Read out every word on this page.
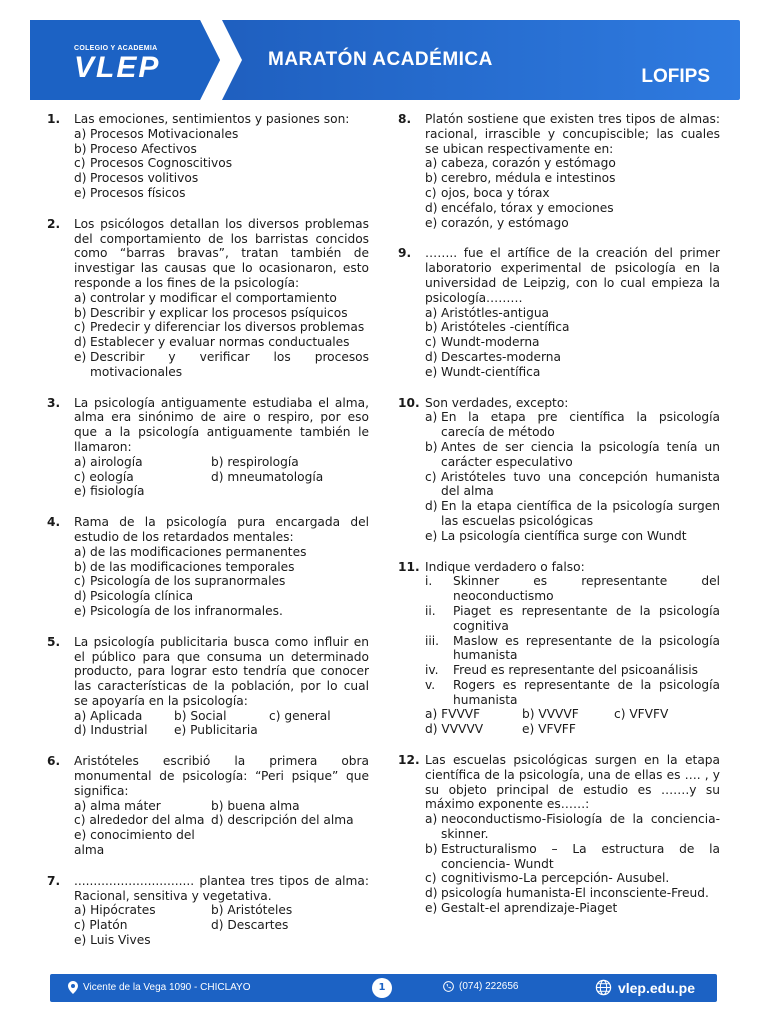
COLEGIO Y ACADEMIA
VLEP	MARATÓN ACADÉMICA
LOFIPS
1.	Las emociones, sentimientos y pasiones son:
a) Procesos Motivacionales
b) Proceso Afectivos
c) Procesos Cognoscitivos
d) Procesos volitivos
e) Procesos físicos
2.	Los psicólogos detallan los diversos problemas del comportamiento de los barristas concidos como “barras bravas”, tratan también de investigar las causas que lo ocasionaron, esto responde a los fines de la psicología:
a) controlar y modificar el comportamiento
b) Describir y explicar los procesos psíquicos
c) Predecir y diferenciar los diversos problemas
d) Establecer y evaluar normas conductuales
e) Describir y verificar los procesos motivacionales
3.	La psicología antiguamente estudiaba el alma, alma era sinónimo de aire o respiro, por eso que a la psicología antiguamente también le llamaron:
a) airología	b) respirología
c) eología	d) mneumatología
e) fisiología
4.	Rama de la psicología pura encargada del estudio de los retardados mentales:
a) de las modificaciones permanentes
b) de las modificaciones temporales
c) Psicología de los supranormales
d) Psicología clínica
e) Psicología de los infranormales.
5.	La psicología publicitaria busca como influir en el público para que consuma un determinado producto, para lograr esto tendría que conocer las características de la población, por lo cual se apoyaría en la psicología:
a) Aplicada	b) Social	c) general
d) Industrial	e) Publicitaria
6.	Aristóteles escribió la primera obra monumental de psicología: “Peri psique” que significa:
a) alma máter	b) buena alma
c) alrededor del alma d) descripción del alma
e) conocimiento del alma
7.	............................... plantea tres tipos de alma: Racional, sensitiva y vegetativa.
a) Hipócrates	b) Aristóteles
c) Platón	d) Descartes
e) Luis Vives
8.	Platón sostiene que existen tres tipos de almas: racional, irrascible y concupiscible; las cuales se ubican respectivamente en:
a) cabeza, corazón y estómago
b) cerebro, médula e intestinos
c) ojos, boca y tórax
d) encéfalo, tórax y emociones
e) corazón, y estómago
9.	…….. fue el artífice de la creación del primer laboratorio experimental de psicología en la universidad de Leipzig, con lo cual empieza la psicología………
a) Aristótles-antigua
b) Aristóteles -científica
c) Wundt-moderna
d) Descartes-moderna
e) Wundt-científica
10. Son verdades, excepto:
a) En la etapa pre científica la psicología carecía de método
b) Antes de ser ciencia la psicología tenía un carácter especulativo
c) Aristóteles tuvo una concepción humanista del alma
d) En la etapa científica de la psicología surgen las escuelas psicológicas
e) La psicología científica surge con Wundt
11. Indique verdadero o falso:
i.	Skinner es representante del neoconductismo
ii.	Piaget es representante de la psicología cognitiva
iii.	Maslow es representante de la psicología humanista
iv.	Freud es representante del psicoanálisis
v.	Rogers es representante de la psicología humanista
a) FVVVF	b) VVVVF	c) VFVFV
d) VVVVV	e) VFVFF
12. Las escuelas psicológicas surgen en la etapa científica de la psicología, una de ellas es …. , y su objeto principal de estudio es …….y su máximo exponente es……:
a) neoconductismo-Fisiología de la conciencia- skinner.
b) Estructuralismo – La estructura de la conciencia- Wundt
c) cognitivismo-La percepción- Ausubel.
d) psicología humanista-El inconsciente-Freud.
e) Gestalt-el aprendizaje-Piaget
Vicente de la Vega 1090 - CHICLAYO	1	(074) 222656	vlep.edu.pe
